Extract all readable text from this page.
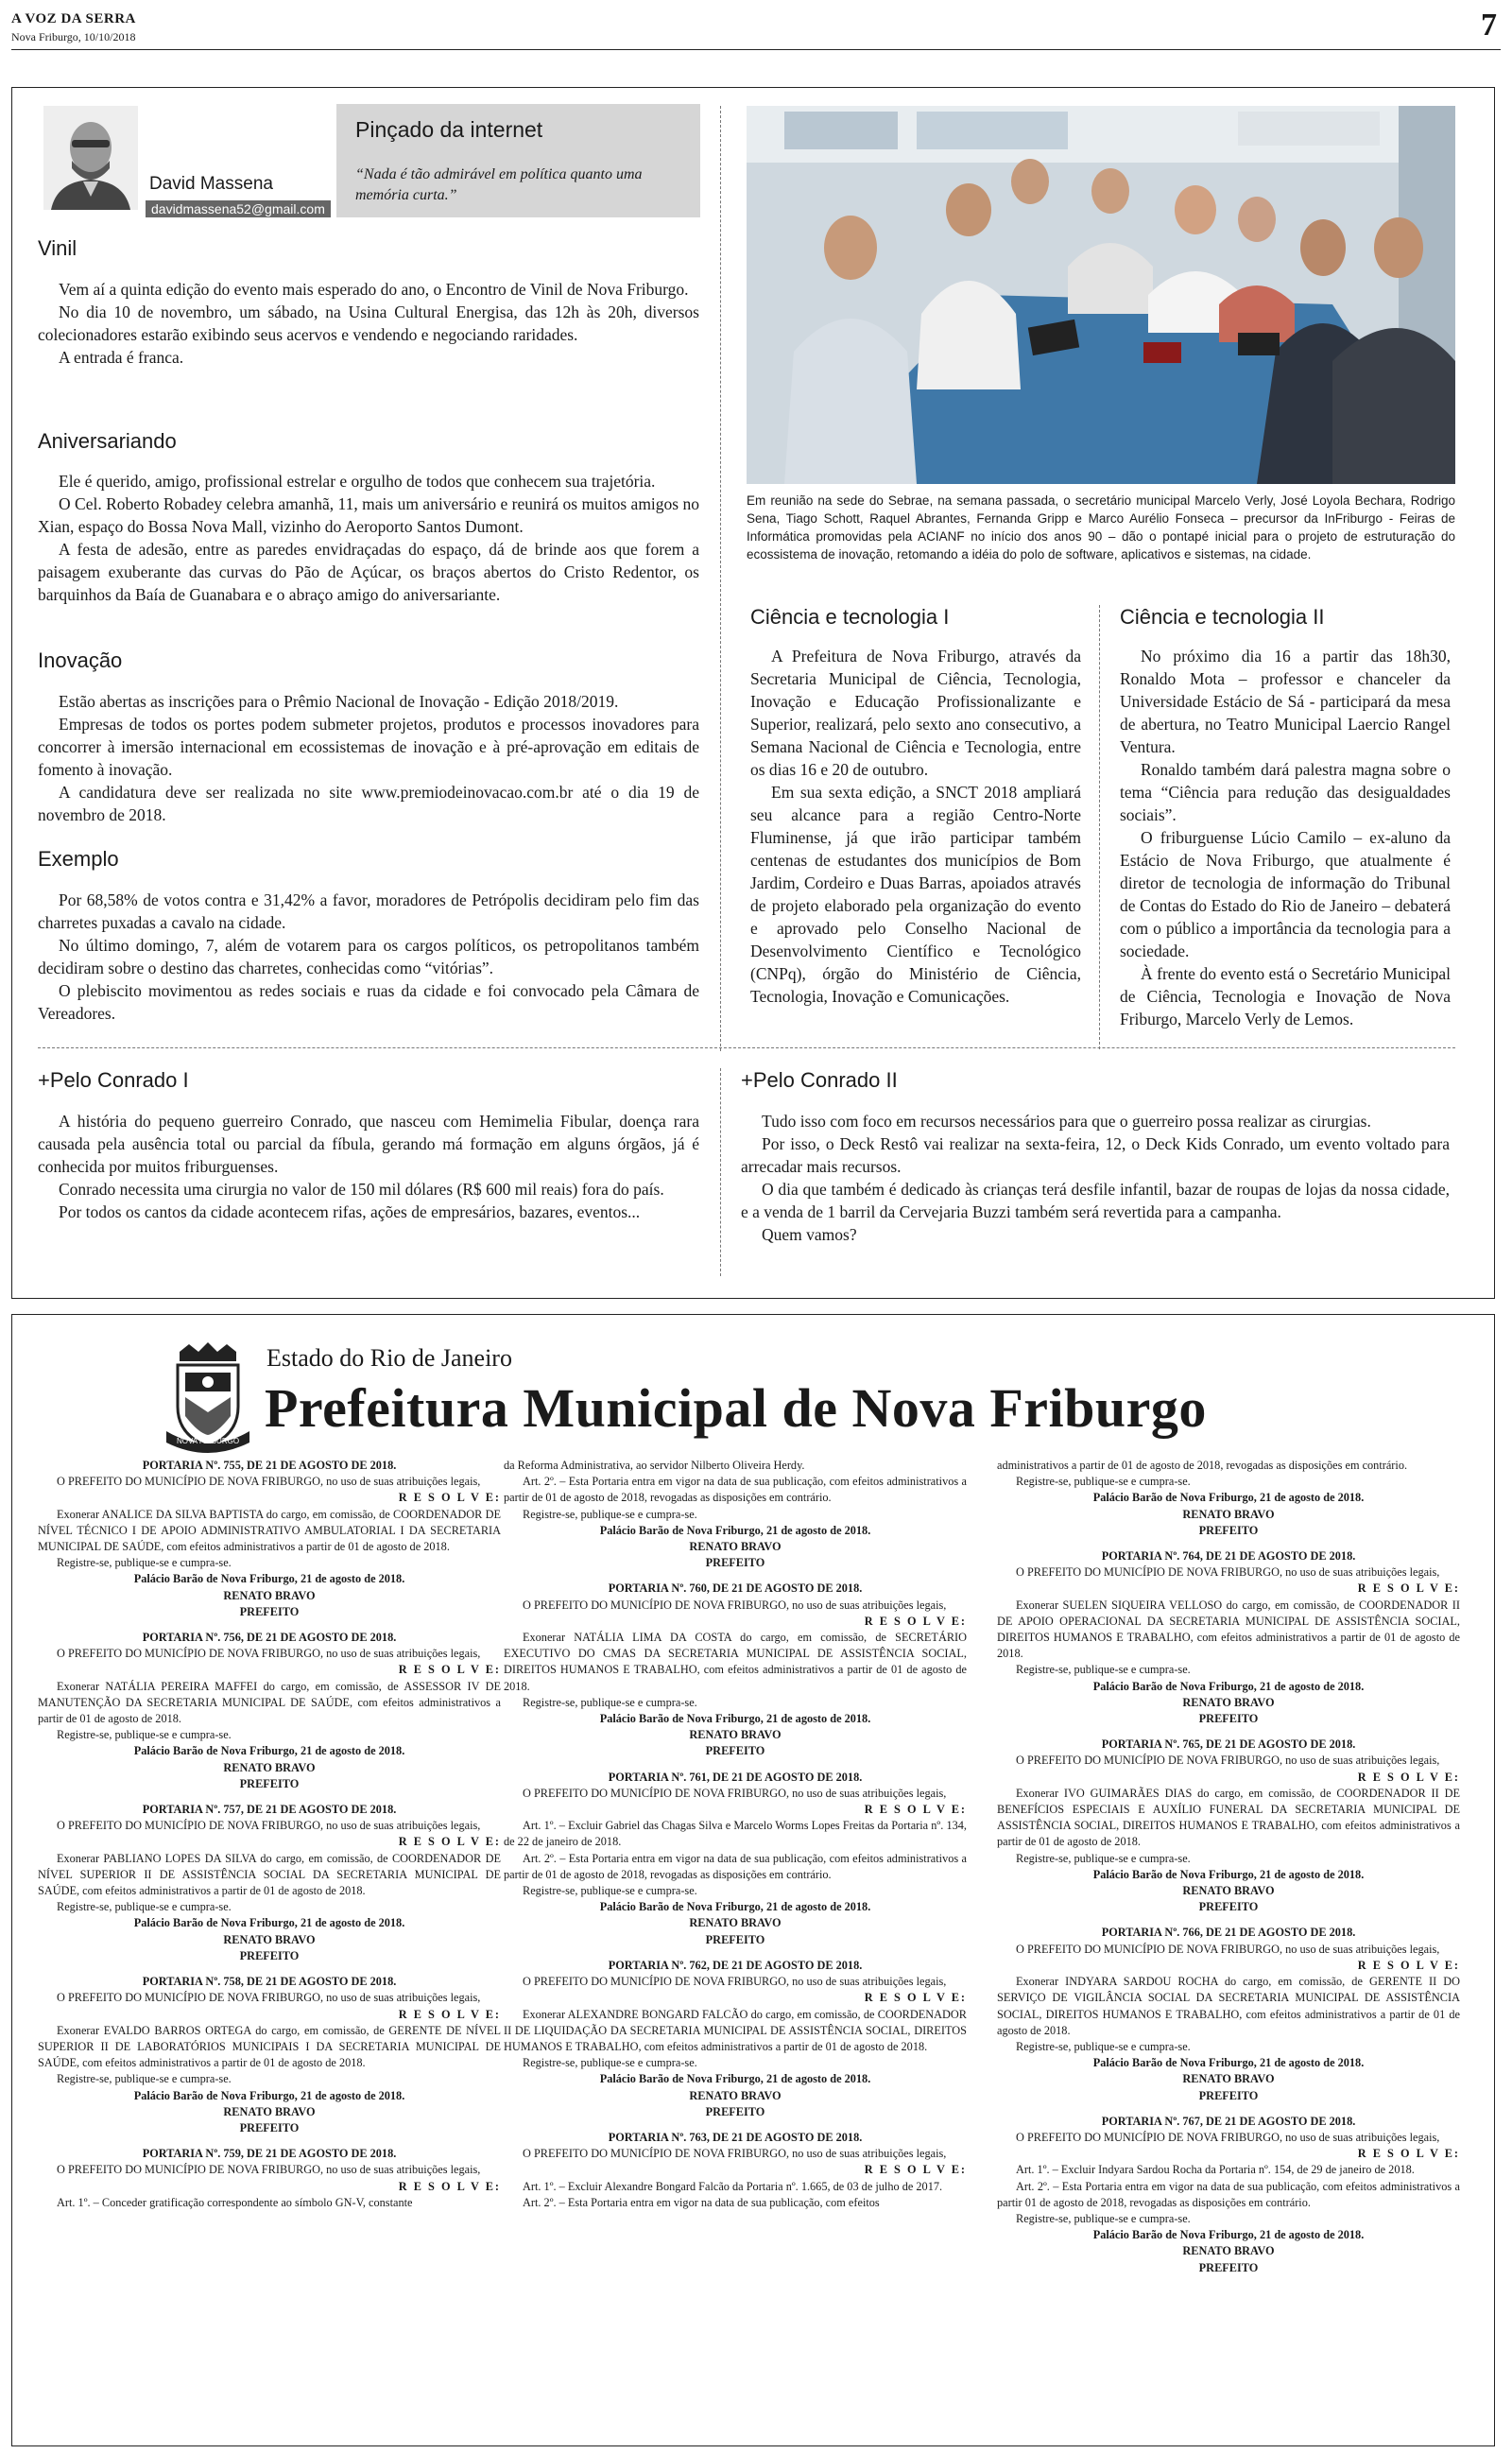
A VOZ DA SERRA
Nova Friburgo, 10/10/2018	7
David Massena
davidmassena52@gmail.com
Pinçado da internet
“Nada é tão admirável em política quanto uma memória curta.”
Vinil

Vem aí a quinta edição do evento mais esperado do ano, o Encontro de Vinil de Nova Friburgo.

No dia 10 de novembro, um sábado, na Usina Cultural Energisa, das 12h às 20h, diversos colecionadores estarão exibindo seus acervos e vendendo e negociando raridades.

A entrada é franca.

Aniversariando

Ele é querido, amigo, profissional estrelar e orgulho de todos que conhecem sua trajetória.

O Cel. Roberto Robadey celebra amanhã, 11, mais um aniversário e reunirá os muitos amigos no Xian, espaço do Bossa Nova Mall, vizinho do Aeroporto Santos Dumont.

A festa de adesão, entre as paredes envidraçadas do espaço, dá de brinde aos que forem a paisagem exuberante das curvas do Pão de Açúcar, os braços abertos do Cristo Redentor, os barquinhos da Baía de Guanabara e o abraço amigo do aniversariante.

Inovação

Estão abertas as inscrições para o Prêmio Nacional de Inovação - Edição 2018/2019.

Empresas de todos os portes podem submeter projetos, produtos e processos inovadores para concorrer à imersão internacional em ecossistemas de inovação e à pré-aprovação em editais de fomento à inovação.

A candidatura deve ser realizada no site www.premiodeinovacao.com.br até o dia 19 de novembro de 2018.

Exemplo

Por 68,58% de votos contra e 31,42% a favor, moradores de Petrópolis decidiram pelo fim das charretes puxadas a cavalo na cidade.

No último domingo, 7, além de votarem para os cargos políticos, os petropolitanos também decidiram sobre o destino das charretes, conhecidas como “vitórias”.

O plebiscito movimentou as redes sociais e ruas da cidade e foi convocado pela Câmara de Vereadores.

Em reunião na sede do Sebrae, na semana passada, o secretário municipal Marcelo Verly, José Loyola Bechara, Rodrigo Sena, Tiago Schott, Raquel Abrantes, Fernanda Gripp e Marco Aurélio Fonseca – precursor da InFriburgo - Feiras de Informática promovidas pela ACIANF no início dos anos 90 – dão o pontapé inicial para o projeto de estruturação do ecossistema de inovação, retomando a idéia do polo de software, aplicativos e sistemas, na cidade.
Ciência e tecnologia I

A Prefeitura de Nova Friburgo, através da Secretaria Municipal de Ciência, Tecnologia, Inovação e Educação Profissionalizante e Superior, realizará, pelo sexto ano consecutivo, a Semana Nacional de Ciência e Tecnologia, entre os dias 16 e 20 de outubro.

Em sua sexta edição, a SNCT 2018 ampliará seu alcance para a região Centro-Norte Fluminense, já que irão participar também centenas de estudantes dos municípios de Bom Jardim, Cordeiro e Duas Barras, apoiados através de projeto elaborado pela organização do evento e aprovado pelo Conselho Nacional de Desenvolvimento Científico e Tecnológico (CNPq), órgão do Ministério de Ciência, Tecnologia, Inovação e Comunicações.

Ciência e tecnologia II

No próximo dia 16 a partir das 18h30, Ronaldo Mota – professor e chanceler da Universidade Estácio de Sá - participará da mesa de abertura, no Teatro Municipal Laercio Rangel Ventura.

Ronaldo também dará palestra magna sobre o tema “Ciência para redução das desigualdades sociais”.

O friburguense Lúcio Camilo – ex-aluno da Estácio de Nova Friburgo, que atualmente é diretor de tecnologia de informação do Tribunal de Contas do Estado do Rio de Janeiro – debaterá com o público a importância da tecnologia para a sociedade.

À frente do evento está o Secretário Municipal de Ciência, Tecnologia e Inovação de Nova Friburgo, Marcelo Verly de Lemos.

+Pelo Conrado I

A história do pequeno guerreiro Conrado, que nasceu com Hemimelia Fibular, doença rara causada pela ausência total ou parcial da fíbula, gerando má formação em alguns órgãos, já é conhecida por muitos friburguenses.

Conrado necessita uma cirurgia no valor de 150 mil dólares (R$ 600 mil reais) fora do país.

Por todos os cantos da cidade acontecem rifas, ações de empresários, bazares, eventos...

+Pelo Conrado II

Tudo isso com foco em recursos necessários para que o guerreiro possa realizar as cirurgias.

Por isso, o Deck Restô vai realizar na sexta-feira, 12, o Deck Kids Conrado, um evento voltado para arrecadar mais recursos.

O dia que também é dedicado às crianças terá desfile infantil, bazar de roupas de lojas da nossa cidade, e a venda de 1 barril da Cervejaria Buzzi também será revertida para a campanha.

Quem vamos?

NOVA FRIBURGO
Estado do Rio de Janeiro
Prefeitura Municipal de Nova Friburgo

PORTARIA Nº. 755, DE 21 DE AGOSTO DE 2018.

O PREFEITO DO MUNICÍPIO DE NOVA FRIBURGO, no uso de suas atribuições legais,

R E S O L V E:

Exonerar ANALICE DA SILVA BAPTISTA do cargo, em comissão, de COORDENADOR DE NÍVEL TÉCNICO I DE APOIO ADMINISTRATIVO AMBULATORIAL I DA SECRETARIA MUNICIPAL DE SAÚDE, com efeitos administrativos a partir de 01 de agosto de 2018.

Registre-se, publique-se e cumpra-se.

Palácio Barão de Nova Friburgo, 21 de agosto de 2018.

RENATO BRAVO

PREFEITO

PORTARIA Nº. 756, DE 21 DE AGOSTO DE 2018.

O PREFEITO DO MUNICÍPIO DE NOVA FRIBURGO, no uso de suas atribuições legais,

R E S O L V E:

Exonerar NATÁLIA PEREIRA MAFFEI do cargo, em comissão, de ASSESSOR IV DE MANUTENÇÃO DA SECRETARIA MUNICIPAL DE SAÚDE, com efeitos administrativos a partir de 01 de agosto de 2018.

Registre-se, publique-se e cumpra-se.

Palácio Barão de Nova Friburgo, 21 de agosto de 2018.

RENATO BRAVO

PREFEITO

PORTARIA Nº. 757, DE 21 DE AGOSTO DE 2018.

O PREFEITO DO MUNICÍPIO DE NOVA FRIBURGO, no uso de suas atribuições legais,

R E S O L V E:

Exonerar PABLIANO LOPES DA SILVA do cargo, em comissão, de COORDENADOR DE NÍVEL SUPERIOR II DE ASSISTÊNCIA SOCIAL DA SECRETARIA MUNICIPAL DE SAÚDE, com efeitos administrativos a partir de 01 de agosto de 2018.

Registre-se, publique-se e cumpra-se.

Palácio Barão de Nova Friburgo, 21 de agosto de 2018.

RENATO BRAVO

PREFEITO

PORTARIA Nº. 758, DE 21 DE AGOSTO DE 2018.

O PREFEITO DO MUNICÍPIO DE NOVA FRIBURGO, no uso de suas atribuições legais,

R E S O L V E:

Exonerar EVALDO BARROS ORTEGA do cargo, em comissão, de GERENTE DE NÍVEL SUPERIOR II DE LABORATÓRIOS MUNICIPAIS I DA SECRETARIA MUNICIPAL DE SAÚDE, com efeitos administrativos a partir de 01 de agosto de 2018.

Registre-se, publique-se e cumpra-se.

Palácio Barão de Nova Friburgo, 21 de agosto de 2018.

RENATO BRAVO

PREFEITO

PORTARIA Nº. 759, DE 21 DE AGOSTO DE 2018.

O PREFEITO DO MUNICÍPIO DE NOVA FRIBURGO, no uso de suas atribuições legais,

R E S O L V E:

Art. 1º. – Conceder gratificação correspondente ao símbolo GN-V, constante

da Reforma Administrativa, ao servidor Nilberto Oliveira Herdy.

Art. 2º. – Esta Portaria entra em vigor na data de sua publicação, com efeitos administrativos a partir de 01 de agosto de 2018, revogadas as disposições em contrário.

Registre-se, publique-se e cumpra-se.

Palácio Barão de Nova Friburgo, 21 de agosto de 2018.

RENATO BRAVO

PREFEITO

PORTARIA Nº. 760, DE 21 DE AGOSTO DE 2018.

O PREFEITO DO MUNICÍPIO DE NOVA FRIBURGO, no uso de suas atribuições legais,

R E S O L V E:

Exonerar NATÁLIA LIMA DA COSTA do cargo, em comissão, de SECRETÁRIO EXECUTIVO DO CMAS DA SECRETARIA MUNICIPAL DE ASSISTÊNCIA SOCIAL, DIREITOS HUMANOS E TRABALHO, com efeitos administrativos a partir de 01 de agosto de 2018.

Registre-se, publique-se e cumpra-se.

Palácio Barão de Nova Friburgo, 21 de agosto de 2018.

RENATO BRAVO

PREFEITO

PORTARIA Nº. 761, DE 21 DE AGOSTO DE 2018.

O PREFEITO DO MUNICÍPIO DE NOVA FRIBURGO, no uso de suas atribuições legais,

R E S O L V E:

Art. 1º. – Excluir Gabriel das Chagas Silva e Marcelo Worms Lopes Freitas da Portaria nº. 134, de 22 de janeiro de 2018.

Art. 2º. – Esta Portaria entra em vigor na data de sua publicação, com efeitos administrativos a partir de 01 de agosto de 2018, revogadas as disposições em contrário.

Registre-se, publique-se e cumpra-se.

Palácio Barão de Nova Friburgo, 21 de agosto de 2018.

RENATO BRAVO

PREFEITO

PORTARIA Nº. 762, DE 21 DE AGOSTO DE 2018.

O PREFEITO DO MUNICÍPIO DE NOVA FRIBURGO, no uso de suas atribuições legais,

R E S O L V E:

Exonerar ALEXANDRE BONGARD FALCÃO do cargo, em comissão, de COORDENADOR II DE LIQUIDAÇÃO DA SECRETARIA MUNICIPAL DE ASSISTÊNCIA SOCIAL, DIREITOS HUMANOS E TRABALHO, com efeitos administrativos a partir de 01 de agosto de 2018.

Registre-se, publique-se e cumpra-se.

Palácio Barão de Nova Friburgo, 21 de agosto de 2018.

RENATO BRAVO

PREFEITO

PORTARIA Nº. 763, DE 21 DE AGOSTO DE 2018.

O PREFEITO DO MUNICÍPIO DE NOVA FRIBURGO, no uso de suas atribuições legais,

R E S O L V E:

Art. 1º. – Excluir Alexandre Bongard Falcão da Portaria nº. 1.665, de 03 de julho de 2017.

Art. 2º. – Esta Portaria entra em vigor na data de sua publicação, com efeitos

administrativos a partir de 01 de agosto de 2018, revogadas as disposições em contrário.

Registre-se, publique-se e cumpra-se.

Palácio Barão de Nova Friburgo, 21 de agosto de 2018.

RENATO BRAVO

PREFEITO

PORTARIA Nº. 764, DE 21 DE AGOSTO DE 2018.

O PREFEITO DO MUNICÍPIO DE NOVA FRIBURGO, no uso de suas atribuições legais,

R E S O L V E:

Exonerar SUELEN SIQUEIRA VELLOSO do cargo, em comissão, de COORDENADOR II DE APOIO OPERACIONAL DA SECRETARIA MUNICIPAL DE ASSISTÊNCIA SOCIAL, DIREITOS HUMANOS E TRABALHO, com efeitos administrativos a partir de 01 de agosto de 2018.

Registre-se, publique-se e cumpra-se.

Palácio Barão de Nova Friburgo, 21 de agosto de 2018.

RENATO BRAVO

PREFEITO

PORTARIA Nº. 765, DE 21 DE AGOSTO DE 2018.

O PREFEITO DO MUNICÍPIO DE NOVA FRIBURGO, no uso de suas atribuições legais,

R E S O L V E:

Exonerar IVO GUIMARÃES DIAS do cargo, em comissão, de COORDENADOR II DE BENEFÍCIOS ESPECIAIS E AUXÍLIO FUNERAL DA SECRETARIA MUNICIPAL DE ASSISTÊNCIA SOCIAL, DIREITOS HUMANOS E TRABALHO, com efeitos administrativos a partir de 01 de agosto de 2018.

Registre-se, publique-se e cumpra-se.

Palácio Barão de Nova Friburgo, 21 de agosto de 2018.

RENATO BRAVO

PREFEITO

PORTARIA Nº. 766, DE 21 DE AGOSTO DE 2018.

O PREFEITO DO MUNICÍPIO DE NOVA FRIBURGO, no uso de suas atribuições legais,

R E S O L V E:

Exonerar INDYARA SARDOU ROCHA do cargo, em comissão, de GERENTE II DO SERVIÇO DE VIGILÂNCIA SOCIAL DA SECRETARIA MUNICIPAL DE ASSISTÊNCIA SOCIAL, DIREITOS HUMANOS E TRABALHO, com efeitos administrativos a partir de 01 de agosto de 2018.

Registre-se, publique-se e cumpra-se.

Palácio Barão de Nova Friburgo, 21 de agosto de 2018.

RENATO BRAVO

PREFEITO

PORTARIA Nº. 767, DE 21 DE AGOSTO DE 2018.

O PREFEITO DO MUNICÍPIO DE NOVA FRIBURGO, no uso de suas atribuições legais,

R E S O L V E:

Art. 1º. – Excluir Indyara Sardou Rocha da Portaria nº. 154, de 29 de janeiro de 2018.

Art. 2º. – Esta Portaria entra em vigor na data de sua publicação, com efeitos administrativos a partir 01 de agosto de 2018, revogadas as disposições em contrário.

Registre-se, publique-se e cumpra-se.

Palácio Barão de Nova Friburgo, 21 de agosto de 2018.

RENATO BRAVO

PREFEITO
